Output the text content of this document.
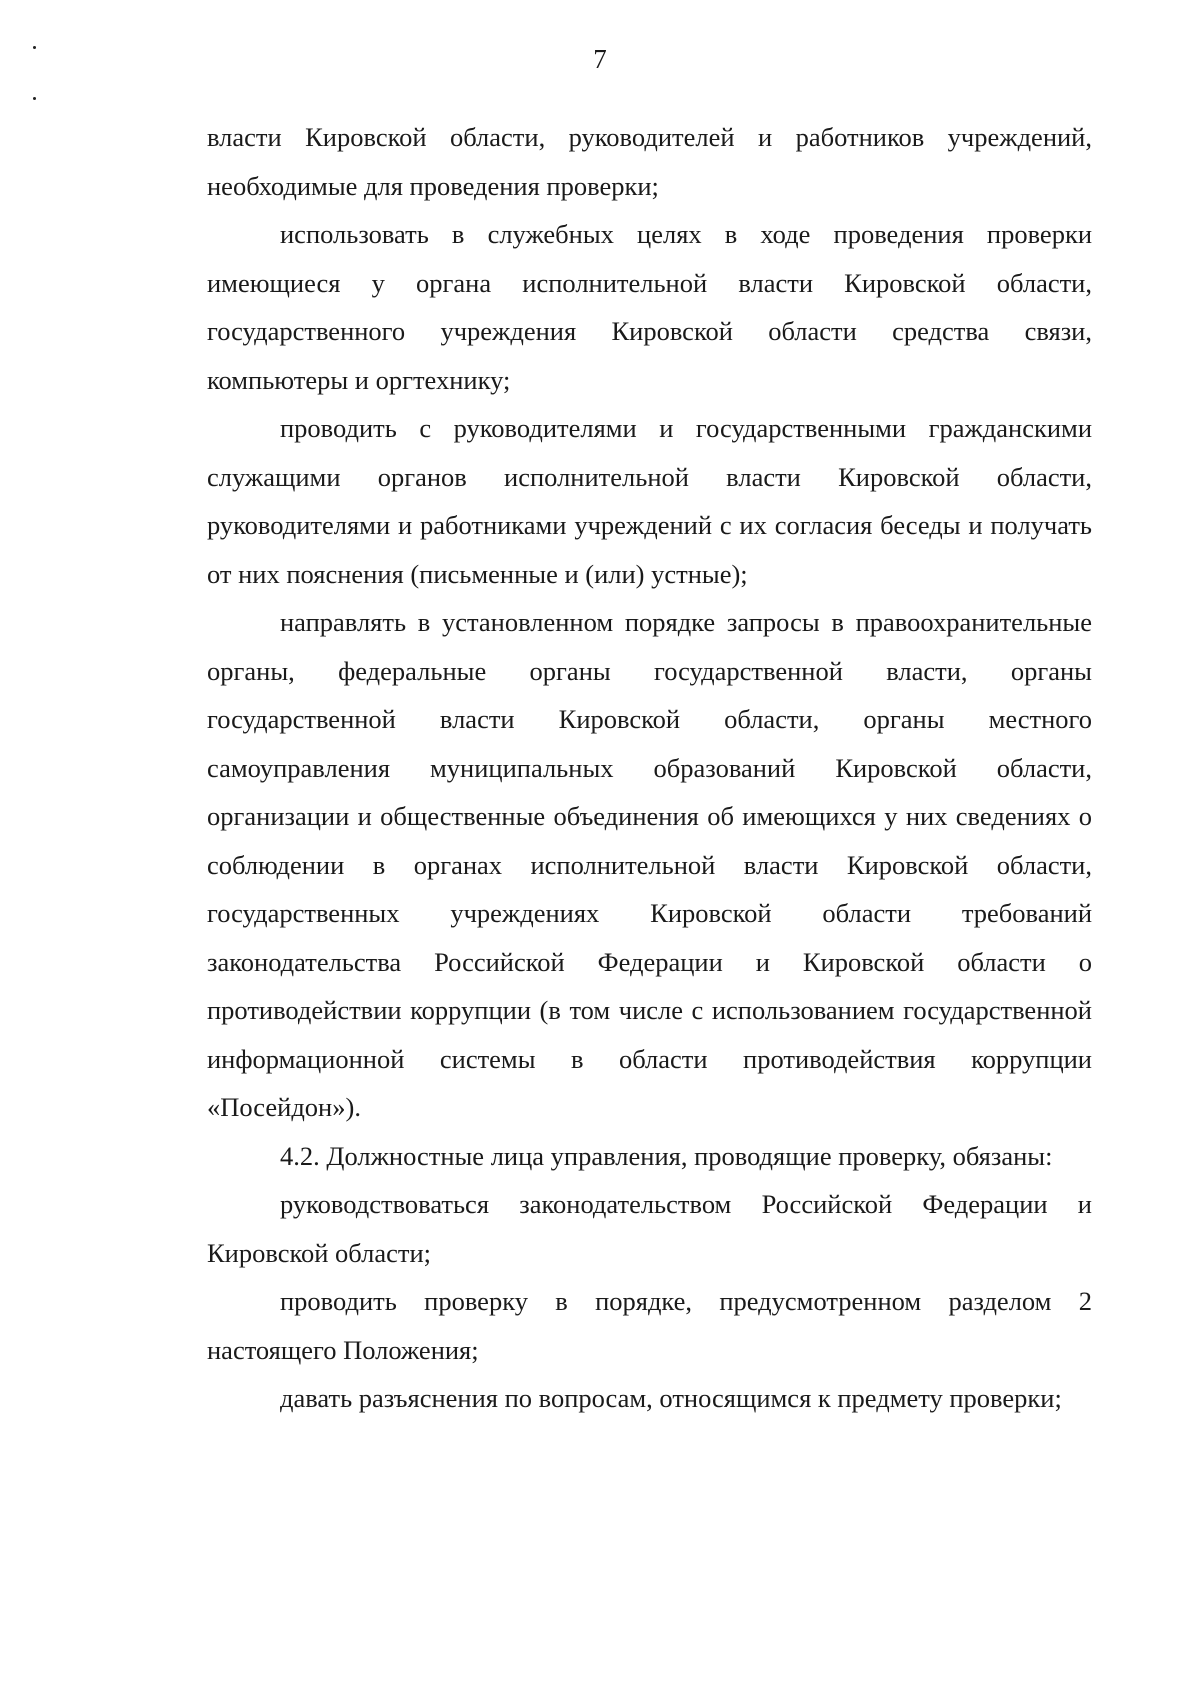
7

власти Кировской области, руководителей и работников учреждений, необходимые для проведения проверки;

использовать в служебных целях в ходе проведения проверки имеющиеся у органа исполнительной власти Кировской области, государственного учреждения Кировской области средства связи, компьютеры и оргтехнику;

проводить с руководителями и государственными гражданскими служащими органов исполнительной власти Кировской области, руководителями и работниками учреждений с их согласия беседы и получать от них пояснения (письменные и (или) устные);

направлять в установленном порядке запросы в правоохранительные органы, федеральные органы государственной власти, органы государственной власти Кировской области, органы местного самоуправления муниципальных образований Кировской области, организации и общественные объединения об имеющихся у них сведениях о соблюдении в органах исполнительной власти Кировской области, государственных учреждениях Кировской области требований законодательства Российской Федерации и Кировской области о противодействии коррупции (в том числе с использованием государственной информационной системы в области противодействия коррупции «Посейдон»).

4.2. Должностные лица управления, проводящие проверку, обязаны:

руководствоваться законодательством Российской Федерации и Кировской области;

проводить проверку в порядке, предусмотренном разделом 2 настоящего Положения;

давать разъяснения по вопросам, относящимся к предмету проверки;
